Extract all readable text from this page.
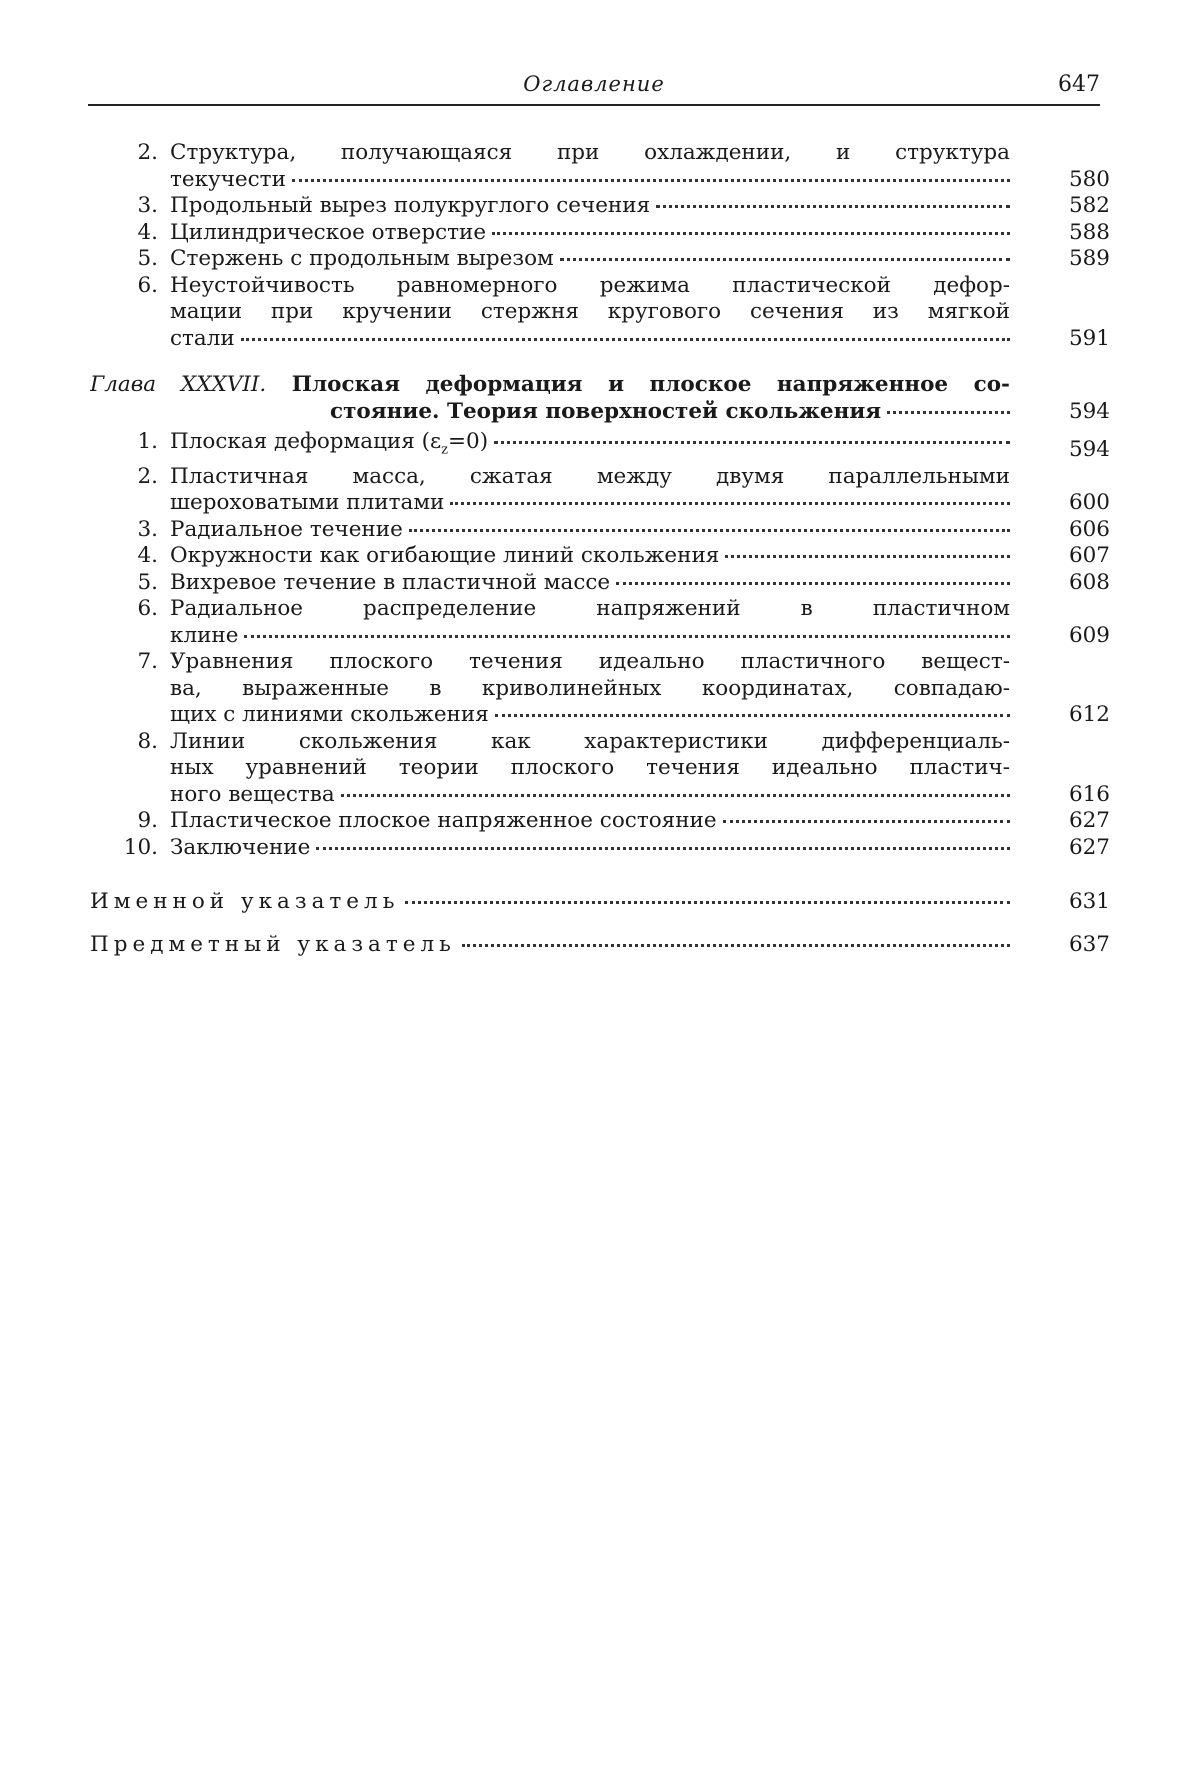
Оглавление	647
2. Структура, получающаяся при охлаждении, и структура
текучести	580
3. Продольный вырез полукруглого сечения	582
4. Цилиндрическое отверстие	588
5. Стержень с продольным вырезом	589
6. Неустойчивость равномерного режима пластической дефор-
мации при кручении стержня кругового сечения из мягкой
стали	591
Глава XXXVII. Плоская деформация и плоское напряженное со-
стояние. Теория поверхностей скольжения	594
1. Плоская деформация $(\varepsilon_z=0)$	594
2. Пластичная масса, сжатая между двумя параллельными
шероховатыми плитами	600
3. Радиальное течение	606
4. Окружности как огибающие линий скольжения	607
5. Вихревое течение в пластичной массе	608
6. Радиальное распределение напряжений в пластичном
клине	609
7. Уравнения плоского течения идеально пластичного вещест-
ва, выраженные в криволинейных координатах, совпадаю-
щих с линиями скольжения	612
8. Линии скольжения как характеристики дифференциаль-
ных уравнений теории плоского течения идеально пластич-
ного вещества	616
9. Пластическое плоское напряженное состояние	627
10. Заключение	627
Именной указатель	631
Предметный указатель	637
